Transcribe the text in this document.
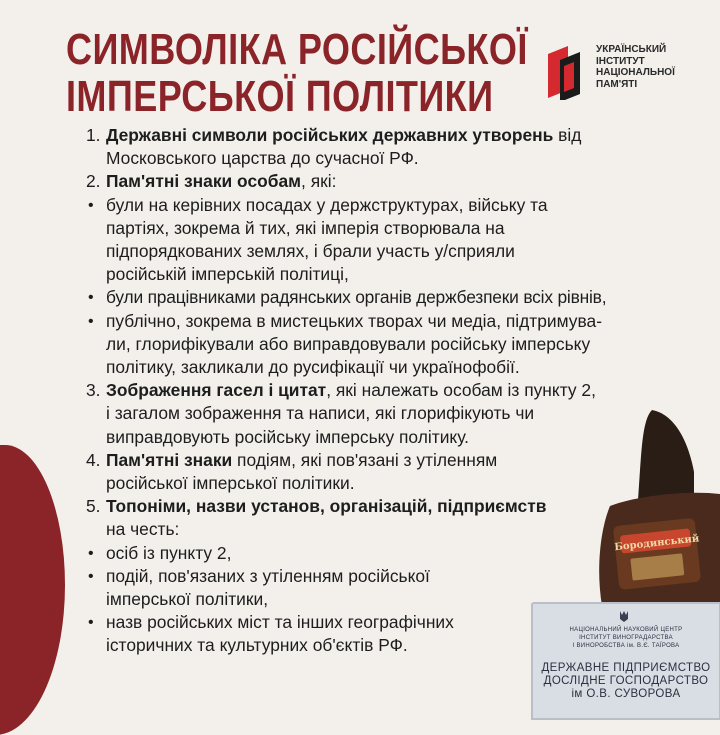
СИМВОЛІКА РОСІЙСЬКОЇ
ІМПЕРСЬКОЇ ПОЛІТИКИ
УКРАЇНСЬКИЙ
ІНСТИТУТ
НАЦІОНАЛЬНОЇ
ПАМ'ЯТІ
1. Державні символи російських державних утворень від
Московського царства до сучасної РФ.
2. Пам'ятні знаки особам, які:
• були на керівних посадах у держструктурах, війську та
партіях, зокрема й тих, які імперія створювала на
підпорядкованих землях, і брали участь у/сприяли
російській імперській політиці,
• були працівниками радянських органів держбезпеки всіх рівнів,
• публічно, зокрема в мистецьких творах чи медіа, підтримува-
ли, глорифікували або виправдовували російську імперську
політику, закликали до русифікації чи українофобії.
3. Зображення гасел і цитат, які належать особам із пункту 2,
і загалом зображення та написи, які глорифікують чи
виправдовують російську імперську політику.
4. Пам'ятні знаки подіям, які пов'язані з утіленням
російської імперської політики.
5. Топоніми, назви установ, організацій, підприємств
на честь:
• осіб із пункту 2,
• подій, пов'язаних з утіленням російської
імперської політики,
• назв російських міст та інших географічних
історичних та культурних об'єктів РФ.
Бородинський
НАЦІОНАЛЬНИЙ НАУКОВИЙ ЦЕНТР
ІНСТИТУТ ВИНОГРАДАРСТВА
І ВИНОРОБСТВА ім. В.Є. ТАЇРОВА
ДЕРЖАВНЕ ПІДПРИЄМСТВО
ДОСЛІДНЕ ГОСПОДАРСТВО
ім О.В. СУВОРОВА
